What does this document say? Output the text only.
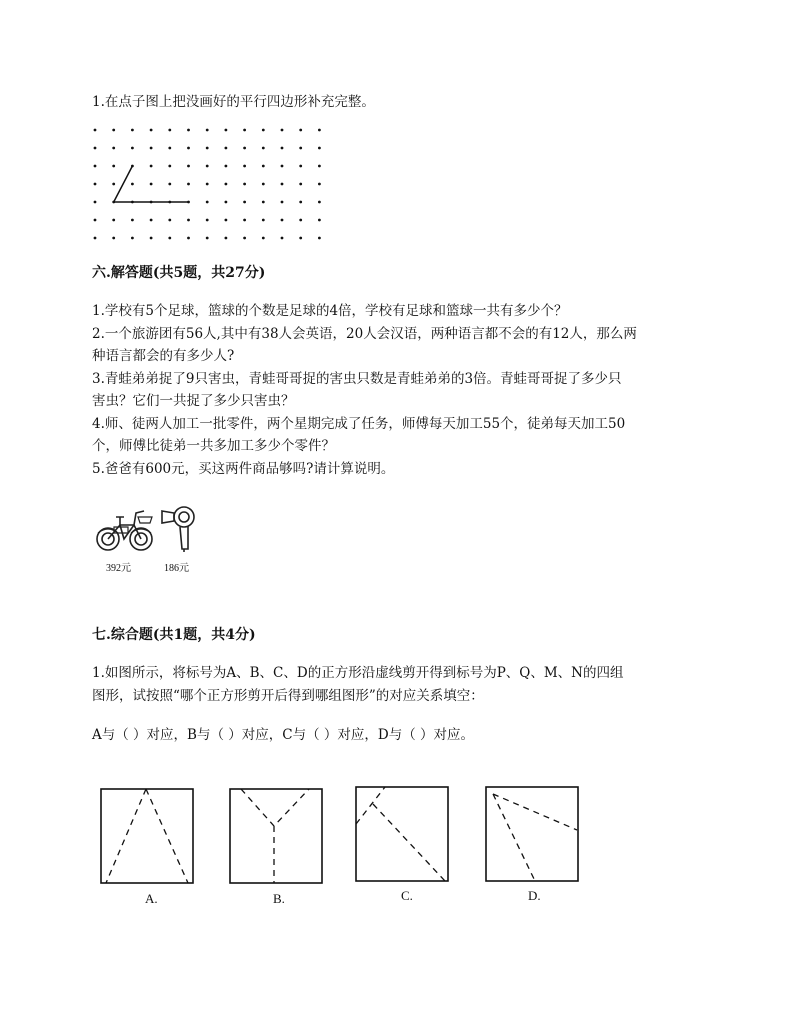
1.在点子图上把没画好的平行四边形补充完整。
六.解答题(共5题，共27分)
1.学校有5个足球，篮球的个数是足球的4倍，学校有足球和篮球一共有多少个？
2.一个旅游团有56人,其中有38人会英语，20人会汉语，两种语言都不会的有12人，那么两
种语言都会的有多少人?
3.青蛙弟弟捉了9只害虫，青蛙哥哥捉的害虫只数是青蛙弟弟的3倍。青蛙哥哥捉了多少只
害虫？它们一共捉了多少只害虫？
4.师、徒两人加工一批零件，两个星期完成了任务，师傅每天加工55个，徒弟每天加工50
个，师傅比徒弟一共多加工多少个零件？
5.爸爸有600元，买这两件商品够吗?请计算说明。
392元	186元
七.综合题(共1题，共4分)
1.如图所示，将标号为A、B、C、D的正方形沿虚线剪开得到标号为P、Q、M、N的四组
图形，试按照“哪个正方形剪开后得到哪组图形”的对应关系填空：
A与（ ）对应，B与（ ）对应，C与（ ）对应，D与（ ）对应。
A.	B.	C.	D.
